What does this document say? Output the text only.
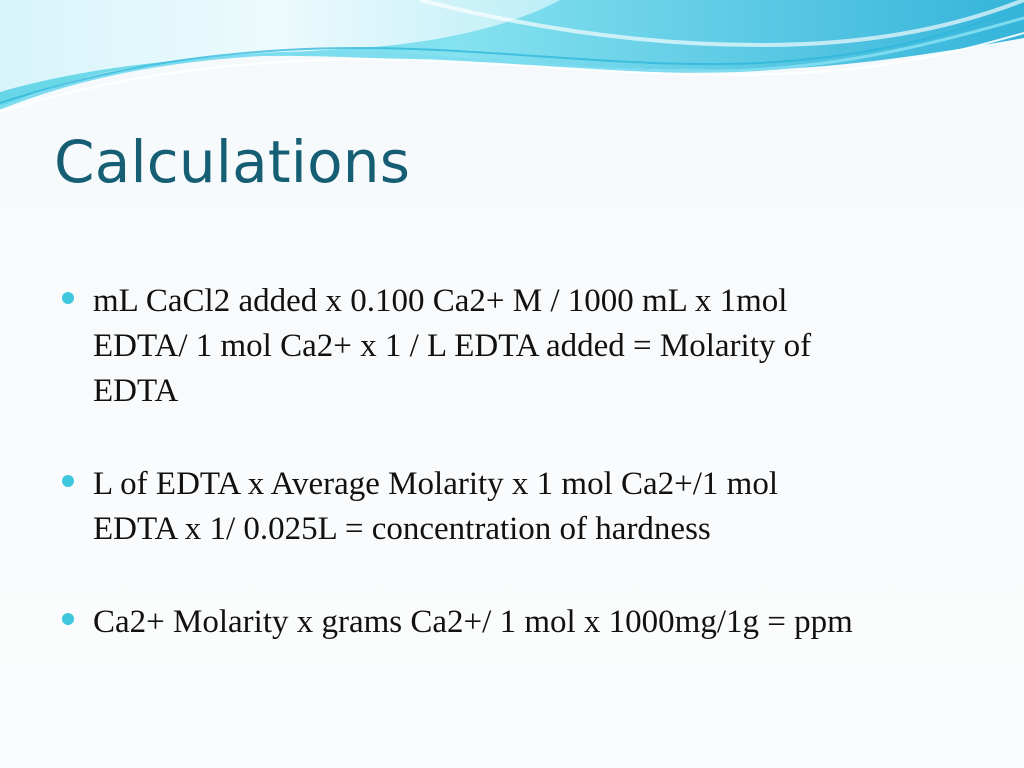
Calculations
mL CaCl2 added x 0.100 Ca2+ M / 1000 mL x 1mol
EDTA/ 1 mol Ca2+ x 1 / L EDTA added = Molarity of
EDTA
L of EDTA x Average Molarity x 1 mol Ca2+/1 mol
EDTA x 1/ 0.025L = concentration of hardness
Ca2+ Molarity x grams Ca2+/ 1 mol x 1000mg/1g = ppm
